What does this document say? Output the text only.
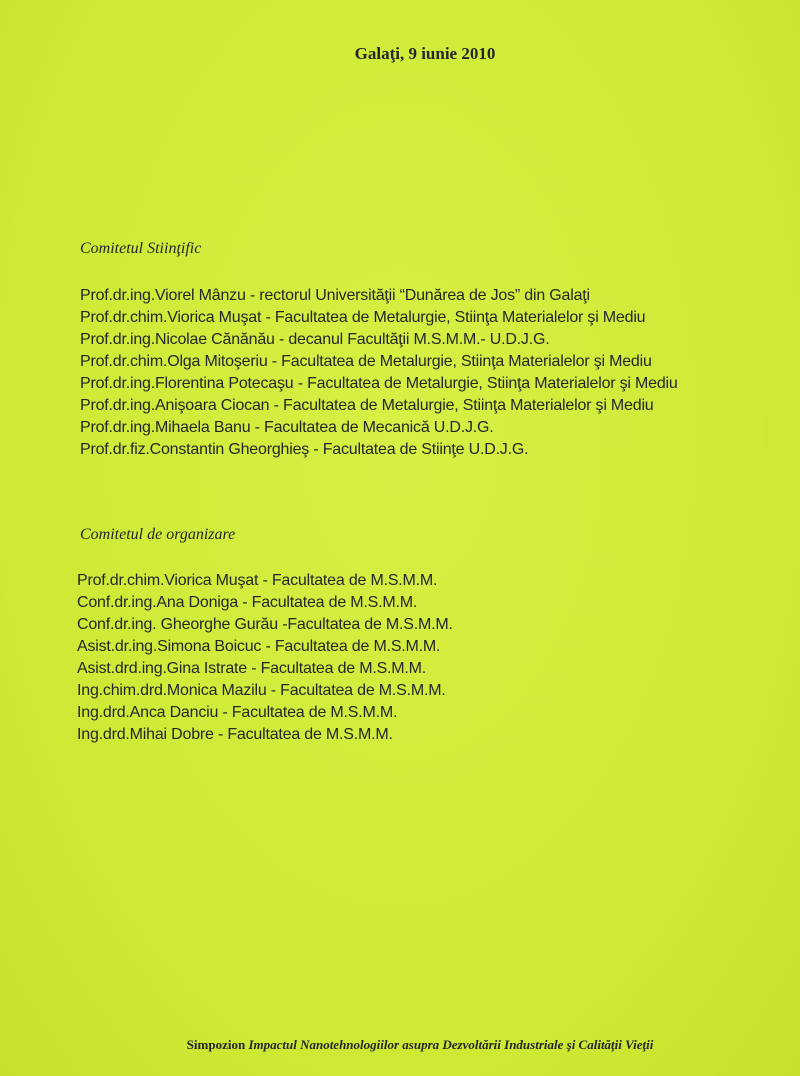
Galaţi, 9 iunie 2010
Comitetul Stiinţific
Prof.dr.ing.Viorel Mânzu - rectorul Universităţii “Dunărea de Jos” din Galaţi
Prof.dr.chim.Viorica Muşat - Facultatea de Metalurgie, Stiinţa Materialelor şi Mediu
Prof.dr.ing.Nicolae Cănănău - decanul Facultăţii M.S.M.M.- U.D.J.G.
Prof.dr.chim.Olga Mitoşeriu - Facultatea de Metalurgie, Stiinţa Materialelor şi Mediu
Prof.dr.ing.Florentina Potecaşu - Facultatea de Metalurgie, Stiinţa Materialelor şi Mediu
Prof.dr.ing.Anişoara Ciocan - Facultatea de Metalurgie, Stiinţa Materialelor şi Mediu
Prof.dr.ing.Mihaela Banu - Facultatea de Mecanică U.D.J.G.
Prof.dr.fiz.Constantin Gheorghieş - Facultatea de Stiinţe U.D.J.G.
Comitetul de organizare
Prof.dr.chim.Viorica Muşat - Facultatea de M.S.M.M.
Conf.dr.ing.Ana Doniga - Facultatea de M.S.M.M.
Conf.dr.ing. Gheorghe Gurău -Facultatea de M.S.M.M.
Asist.dr.ing.Simona Boicuc - Facultatea de M.S.M.M.
Asist.drd.ing.Gina Istrate - Facultatea de M.S.M.M.
Ing.chim.drd.Monica Mazilu - Facultatea de M.S.M.M.
Ing.drd.Anca Danciu - Facultatea de M.S.M.M.
Ing.drd.Mihai Dobre - Facultatea de M.S.M.M.
Simpozion Impactul Nanotehnologiilor asupra Dezvoltării Industriale şi Calităţii Vieţii
